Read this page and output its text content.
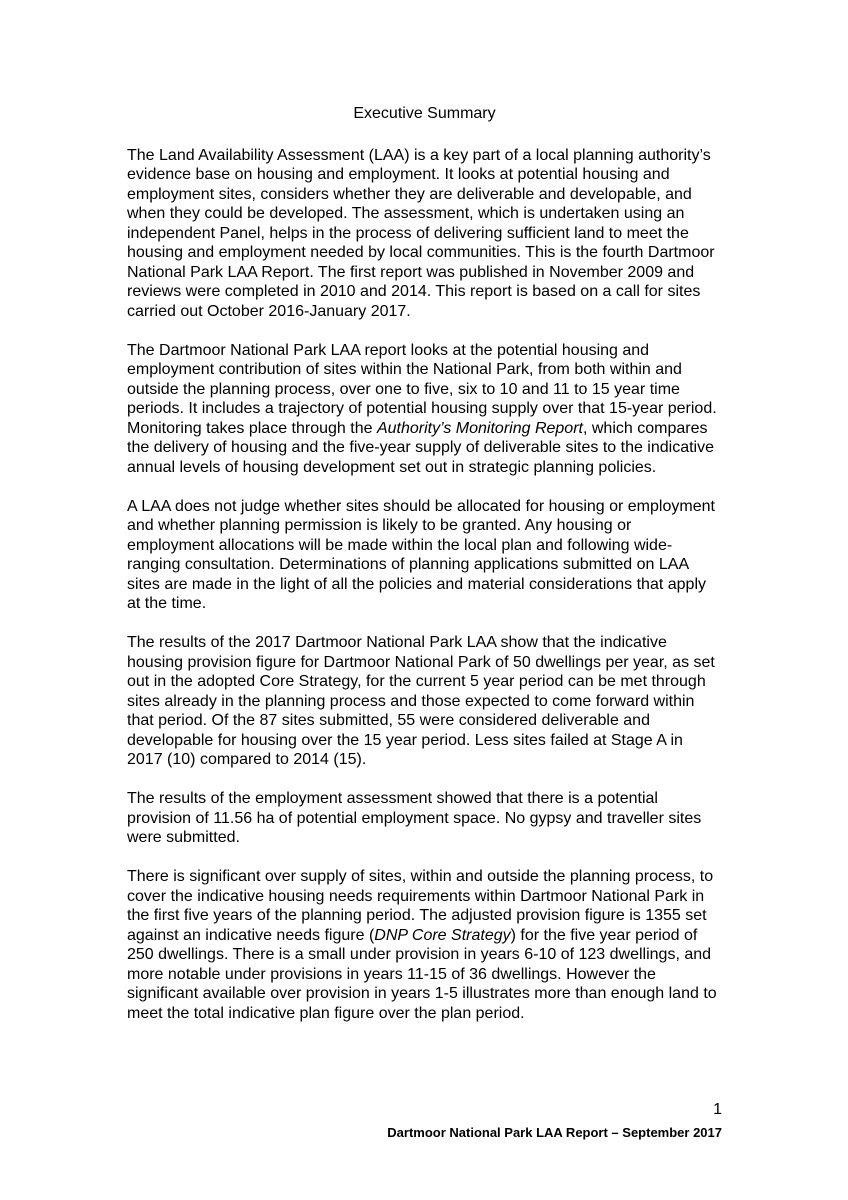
Executive Summary

The Land Availability Assessment (LAA) is a key part of a local planning authority’s evidence base on housing and employment. It looks at potential housing and employment sites, considers whether they are deliverable and developable, and when they could be developed. The assessment, which is undertaken using an independent Panel, helps in the process of delivering sufficient land to meet the housing and employment needed by local communities. This is the fourth Dartmoor National Park LAA Report. The first report was published in November 2009 and reviews were completed in 2010 and 2014. This report is based on a call for sites carried out October 2016-January 2017.

The Dartmoor National Park LAA report looks at the potential housing and employment contribution of sites within the National Park, from both within and outside the planning process, over one to five, six to 10 and 11 to 15 year time periods. It includes a trajectory of potential housing supply over that 15-year period. Monitoring takes place through the Authority’s Monitoring Report, which compares the delivery of housing and the five-year supply of deliverable sites to the indicative annual levels of housing development set out in strategic planning policies.

A LAA does not judge whether sites should be allocated for housing or employment and whether planning permission is likely to be granted. Any housing or employment allocations will be made within the local plan and following wide-ranging consultation. Determinations of planning applications submitted on LAA sites are made in the light of all the policies and material considerations that apply at the time.

The results of the 2017 Dartmoor National Park LAA show that the indicative housing provision figure for Dartmoor National Park of 50 dwellings per year, as set out in the adopted Core Strategy, for the current 5 year period can be met through sites already in the planning process and those expected to come forward within that period. Of the 87 sites submitted, 55 were considered deliverable and developable for housing over the 15 year period. Less sites failed at Stage A in 2017 (10) compared to 2014 (15).

The results of the employment assessment showed that there is a potential provision of 11.56 ha of potential employment space. No gypsy and traveller sites were submitted.

There is significant over supply of sites, within and outside the planning process, to cover the indicative housing needs requirements within Dartmoor National Park in the first five years of the planning period. The adjusted provision figure is 1355 set against an indicative needs figure (DNP Core Strategy) for the five year period of 250 dwellings. There is a small under provision in years 6-10 of 123 dwellings, and more notable under provisions in years 11-15 of 36 dwellings. However the significant available over provision in years 1-5 illustrates more than enough land to meet the total indicative plan figure over the plan period.

1
Dartmoor National Park LAA Report – September 2017
